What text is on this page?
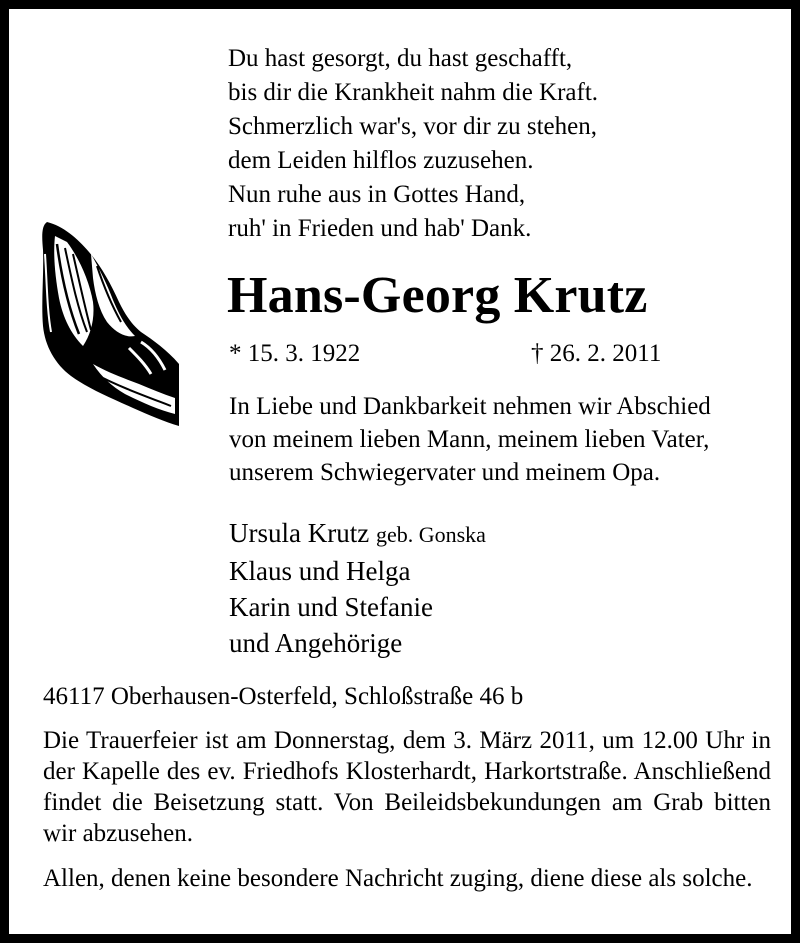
Du hast gesorgt, du hast geschafft,
bis dir die Krankheit nahm die Kraft.
Schmerzlich war's, vor dir zu stehen,
dem Leiden hilflos zuzusehen.
Nun ruhe aus in Gottes Hand,
ruh' in Frieden und hab' Dank.
Hans-Georg Krutz
* 15. 3. 1922	† 26. 2. 2011
In Liebe und Dankbarkeit nehmen wir Abschied
von meinem lieben Mann, meinem lieben Vater,
unserem Schwiegervater und meinem Opa.
Ursula Krutz geb. Gonska
Klaus und Helga
Karin und Stefanie
und Angehörige
46117 Oberhausen-Osterfeld, Schloßstraße 46 b
Die Trauerfeier ist am Donnerstag, dem 3. März 2011, um 12.00 Uhr in der Kapelle des ev. Friedhofs Klosterhardt, Harkortstraße. Anschließend findet die Beisetzung statt. Von Beileidsbekundungen am Grab bitten wir abzusehen.
Allen, denen keine besondere Nachricht zuging, diene diese als solche.
